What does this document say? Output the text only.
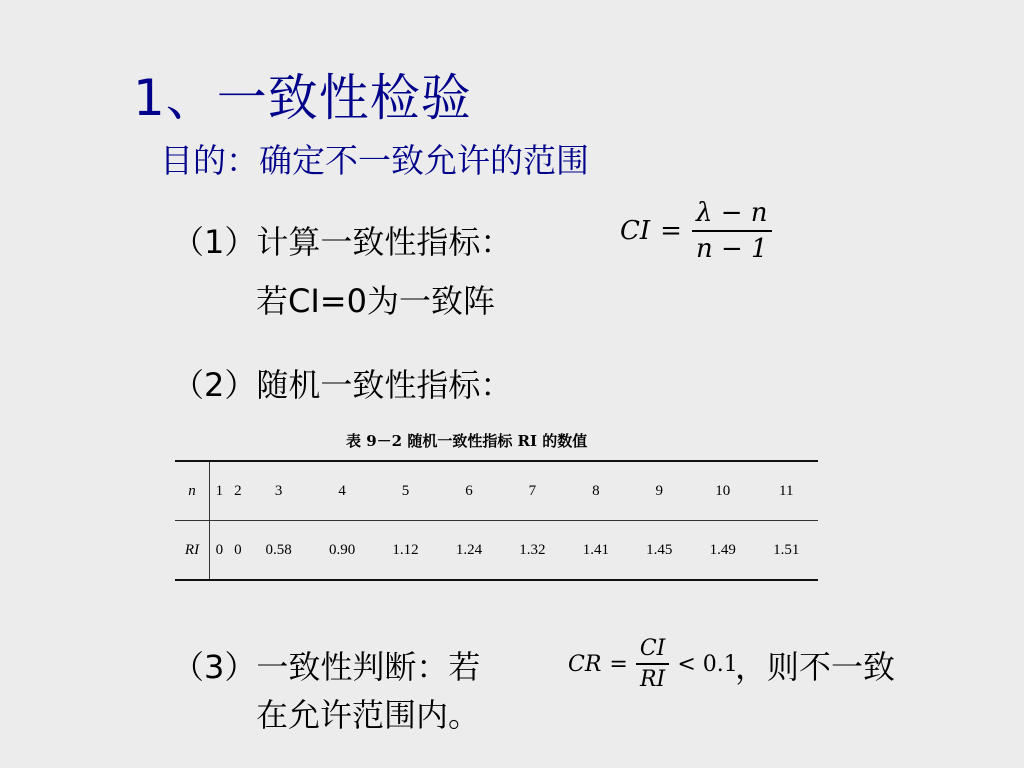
1、一致性检验
目的：确定不一致允许的范围
（1）计算一致性指标：
若CI=0为一致阵
CI = $\frac{\lambda - n}{n - 1}$
（2）随机一致性指标：
表 9－2 随机一致性指标 RI 的数值
n	1	2	3	4	5	6	7	8	9	10	11
RI	0	0	0.58	0.90	1.12	1.24	1.32	1.41	1.45	1.49	1.51
（3）一致性判断：若	CR = $\frac{CI}{RI} < 0.1$
，则不一致
在允许范围内。
